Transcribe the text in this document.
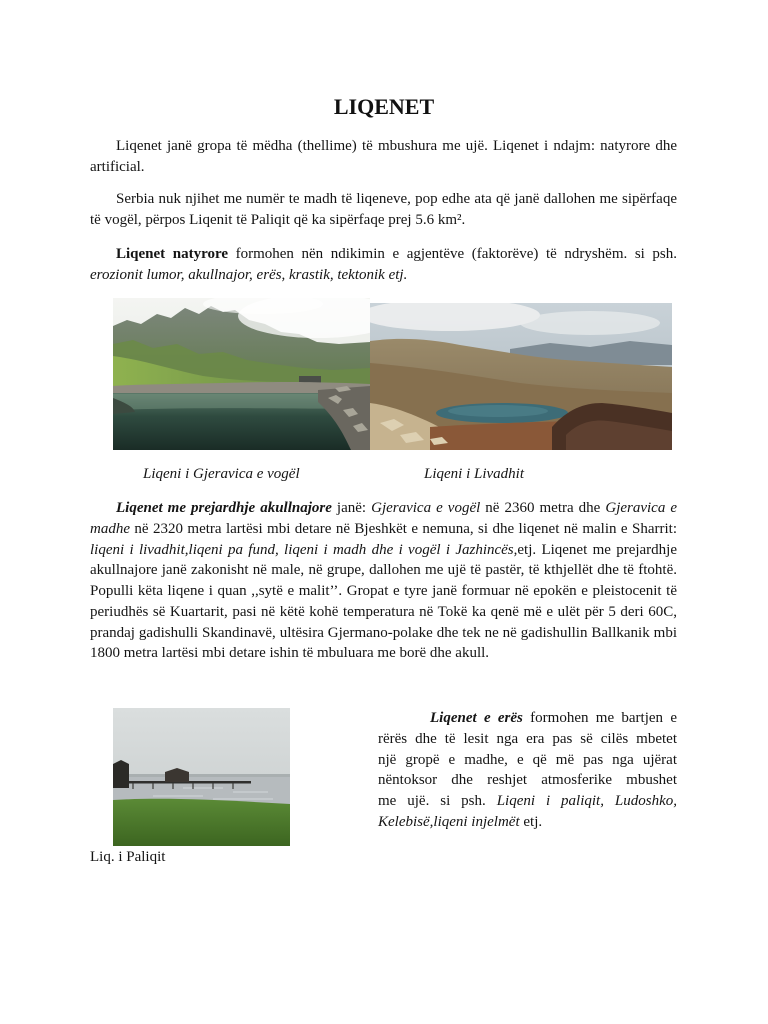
LIQENET

Liqenet janë gropa të mëdha (thellime) të mbushura me ujë. Liqenet i ndajm: natyrore dhe artificial.

Serbia nuk njihet me numër te madh të liqeneve, pop edhe ata që janë dallohen me sipërfaqe të vogël, përpos Liqenit të Paliqit që ka sipërfaqe prej 5.6 km².

Liqenet natyrore formohen nën ndikimin e agjentëve (faktorëve) të ndryshëm. si psh. erozionit lumor, akullnajor, erës, krastik, tektonik etj.

Liqeni i Gjeravica e vogël	Liqeni i Livadhit

Liqenet me prejardhje akullnajore janë: Gjeravica e vogël në 2360 metra dhe Gjeravica e madhe në 2320 metra lartësi mbi detare në Bjeshkët e nemuna, si dhe liqenet në malin e Sharrit: liqeni i livadhit,liqeni pa fund, liqeni i madh dhe i vogël i Jazhincës,etj. Liqenet me prejardhje akullnajore janë zakonisht në male, në grupe, dallohen me ujë të pastër, të kthjellët dhe të ftohtë. Populli këta liqene i quan ,,sytë e malit’’. Gropat e tyre janë formuar në epokën e pleistocenit të periudhës së Kuartarit, pasi në këtë kohë temperatura në Tokë ka qenë më e ulët për 5 deri 60C, prandaj gadishulli Skandinavë, ultësira Gjermano-polake dhe tek ne në gadishullin Ballkanik mbi 1800 metra lartësi mbi detare ishin të mbuluara me borë dhe akull.

Liq. i Paliqit

Liqenet e erës formohen me bartjen e
rërës dhe të lesit nga era pas së cilës mbetet
një gropë e madhe, e që më pas nga ujërat
nëntoksor dhe reshjet atmosferike mbushet
me ujë. si psh. Liqeni i paliqit, Ludoshko,
Kelebisë,liqeni injelmët etj.
